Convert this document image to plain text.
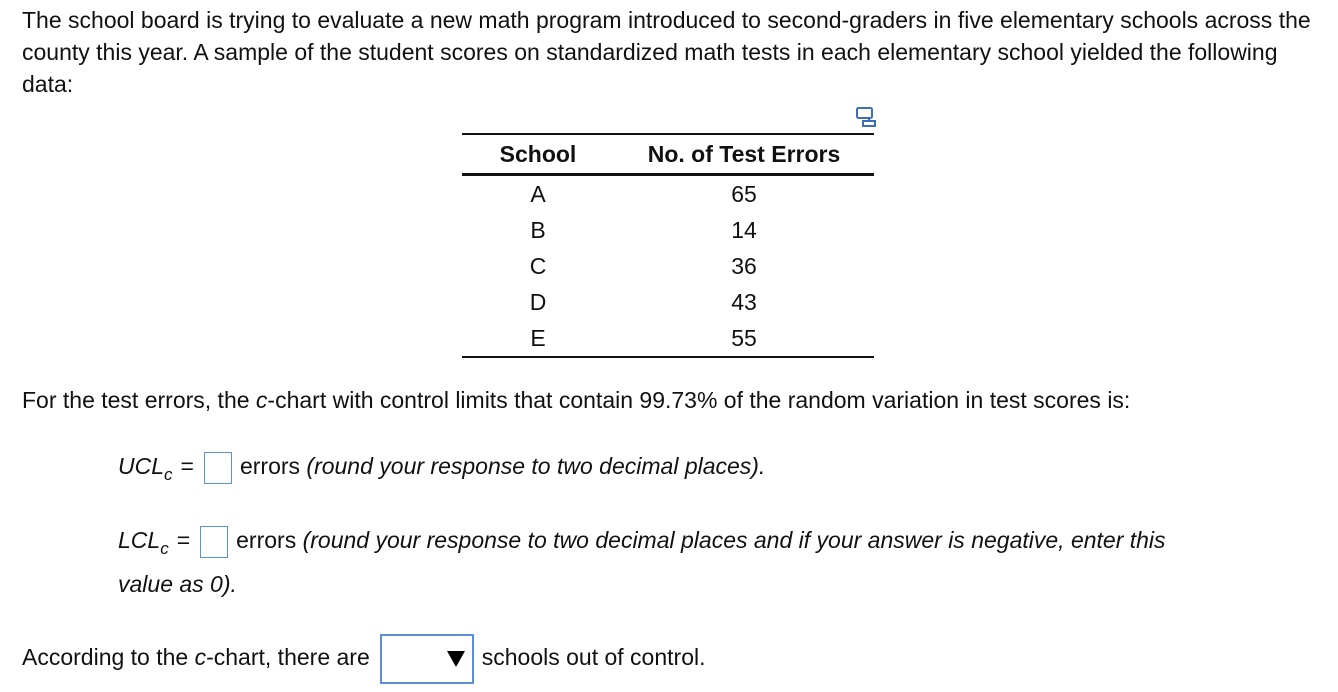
The school board is trying to evaluate a new math program introduced to second-graders in five elementary schools across the county this year. A sample of the student scores on standardized math tests in each elementary school yielded the following data:

School	No. of Test Errors
A	65
B	14
C	36
D	43
E	55

For the test errors, the c-chart with control limits that contain 99.73% of the random variation in test scores is:

$UCL_c$ = errors (round your response to two decimal places).
$LCL_c$ = errors (round your response to two decimal places and if your answer is negative, enter this
value as 0).
According to the c-chart, there are	schools out of control.
